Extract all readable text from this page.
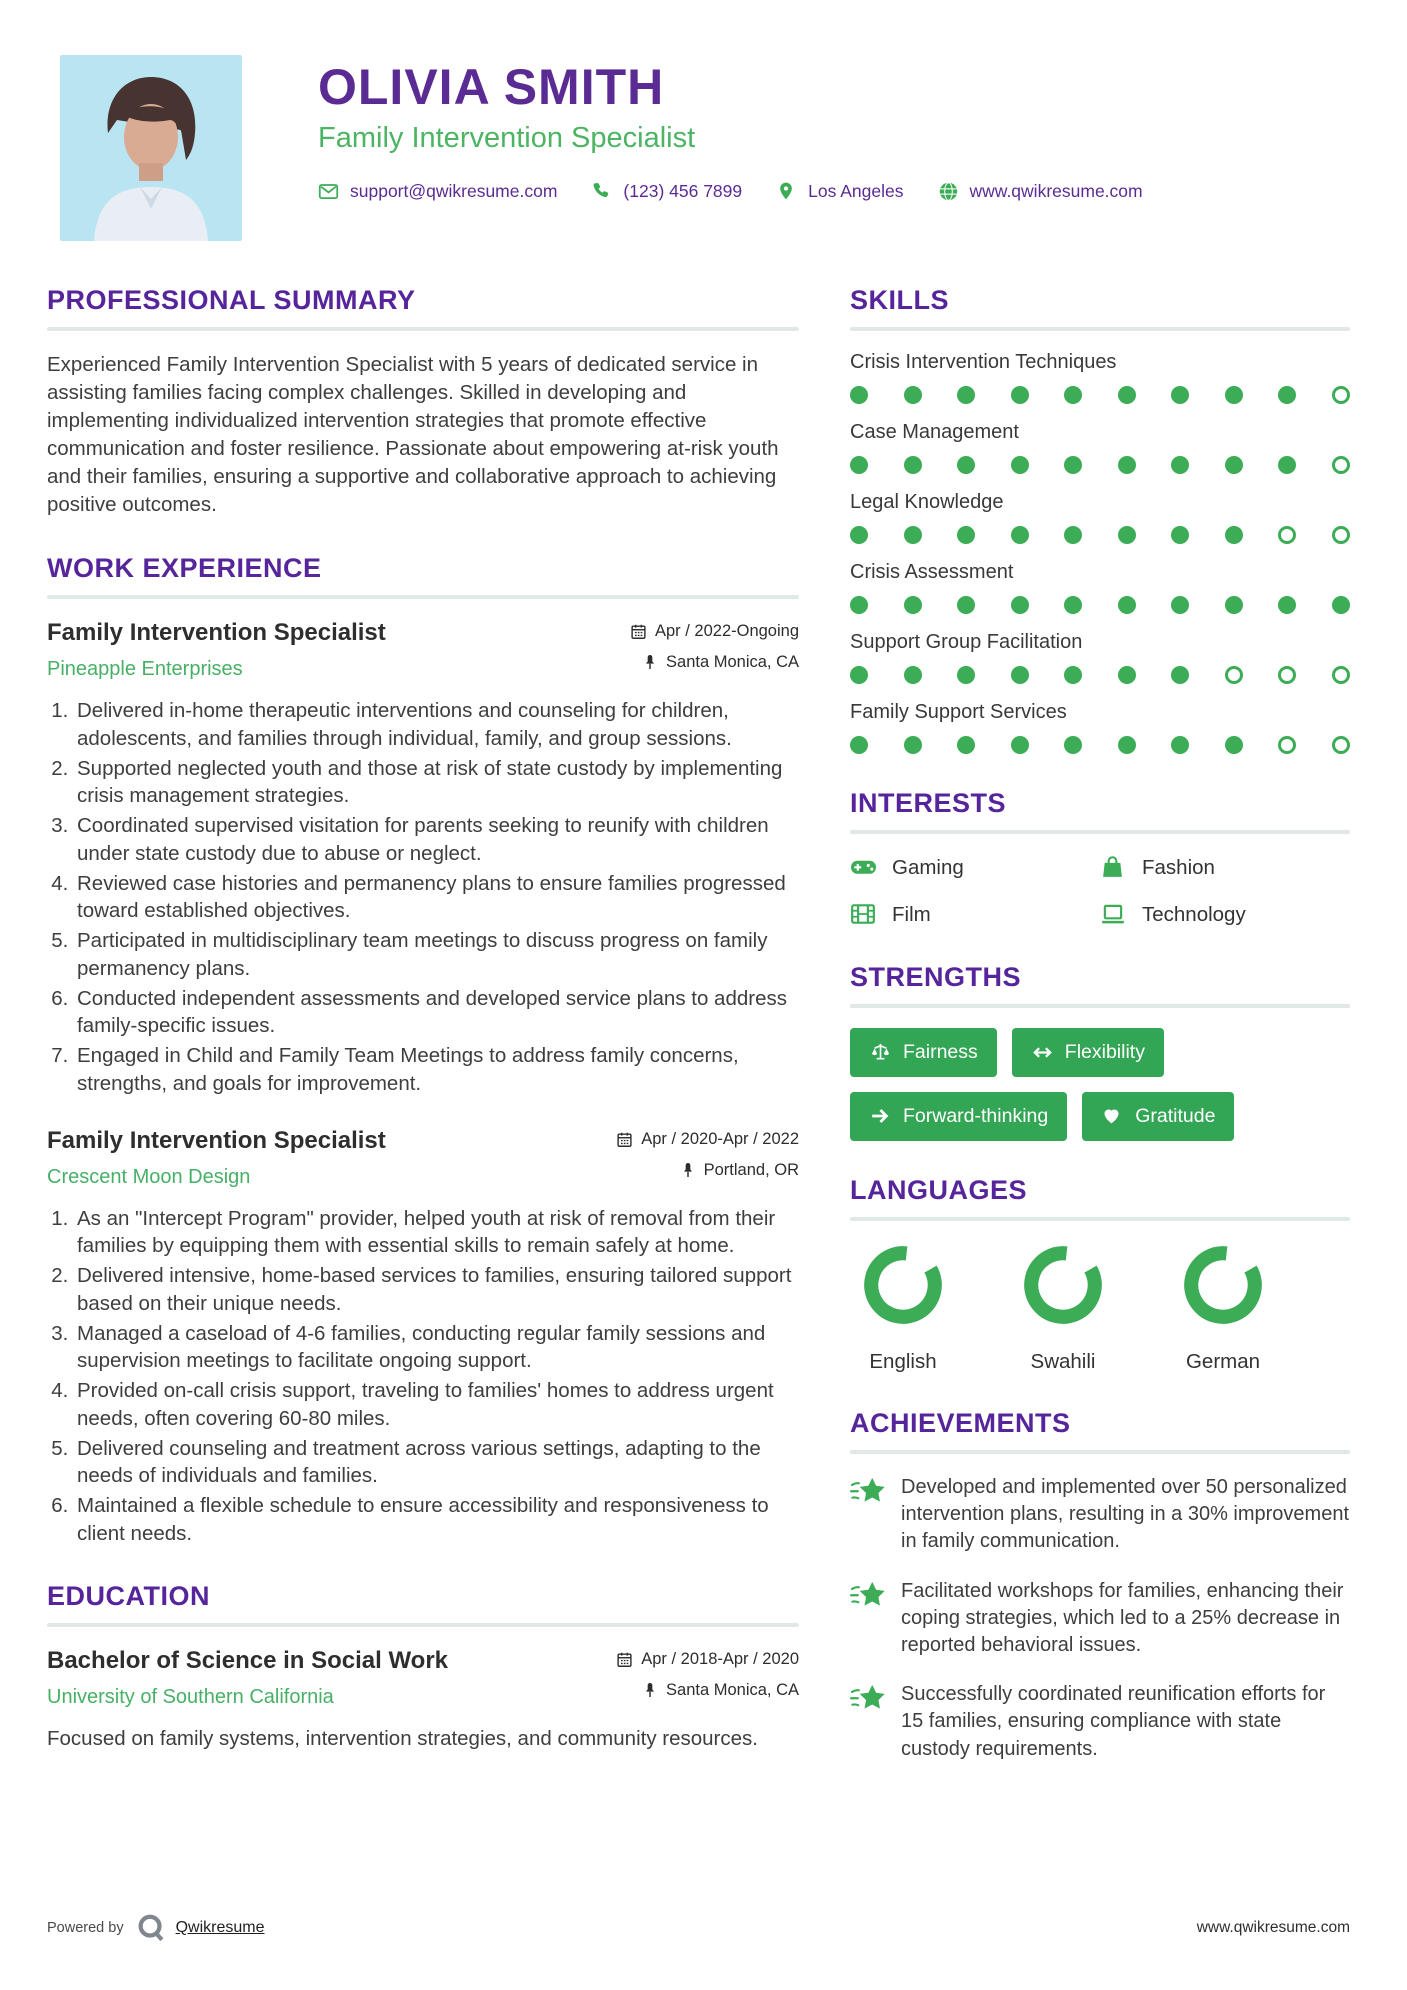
OLIVIA SMITH
Family Intervention Specialist
support@qwikresume.com	(123) 456 7899	Los Angeles	www.qwikresume.com
PROFESSIONAL SUMMARY

Experienced Family Intervention Specialist with 5 years of dedicated service in assisting families facing complex challenges. Skilled in developing and implementing individualized intervention strategies that promote effective communication and foster resilience. Passionate about empowering at-risk youth and their families, ensuring a supportive and collaborative approach to achieving positive outcomes.

WORK EXPERIENCE
Family Intervention Specialist
Pineapple Enterprises
Apr / 2022-Ongoing
Santa Monica, CA
1. Delivered in-home therapeutic interventions and counseling for children, adolescents, and families through individual, family, and group sessions.
2. Supported neglected youth and those at risk of state custody by implementing crisis management strategies.
3. Coordinated supervised visitation for parents seeking to reunify with children under state custody due to abuse or neglect.
4. Reviewed case histories and permanency plans to ensure families progressed toward established objectives.
5. Participated in multidisciplinary team meetings to discuss progress on family permanency plans.
6. Conducted independent assessments and developed service plans to address family-specific issues.
7. Engaged in Child and Family Team Meetings to address family concerns, strengths, and goals for improvement.
Family Intervention Specialist
Crescent Moon Design
Apr / 2020-Apr / 2022
Portland, OR
1. As an "Intercept Program" provider, helped youth at risk of removal from their families by equipping them with essential skills to remain safely at home.
2. Delivered intensive, home-based services to families, ensuring tailored support based on their unique needs.
3. Managed a caseload of 4-6 families, conducting regular family sessions and supervision meetings to facilitate ongoing support.
4. Provided on-call crisis support, traveling to families' homes to address urgent needs, often covering 60-80 miles.
5. Delivered counseling and treatment across various settings, adapting to the needs of individuals and families.
6. Maintained a flexible schedule to ensure accessibility and responsiveness to client needs.
EDUCATION
Bachelor of Science in Social Work
University of Southern California
Apr / 2018-Apr / 2020
Santa Monica, CA

Focused on family systems, intervention strategies, and community resources.

SKILLS
Crisis Intervention Techniques
Case Management
Legal Knowledge
Crisis Assessment
Support Group Facilitation
Family Support Services
INTERESTS
Gaming	Fashion
Film	Technology
STRENGTHS
Fairness	Flexibility
Forward-thinking	Gratitude
LANGUAGES
English	Swahili	German
ACHIEVEMENTS
Developed and implemented over 50 personalized intervention plans, resulting in a 30% improvement in family communication.
Facilitated workshops for families, enhancing their coping strategies, which led to a 25% decrease in reported behavioral issues.
Successfully coordinated reunification efforts for 15 families, ensuring compliance with state custody requirements.
Powered by	Qwikresume	www.qwikresume.com
